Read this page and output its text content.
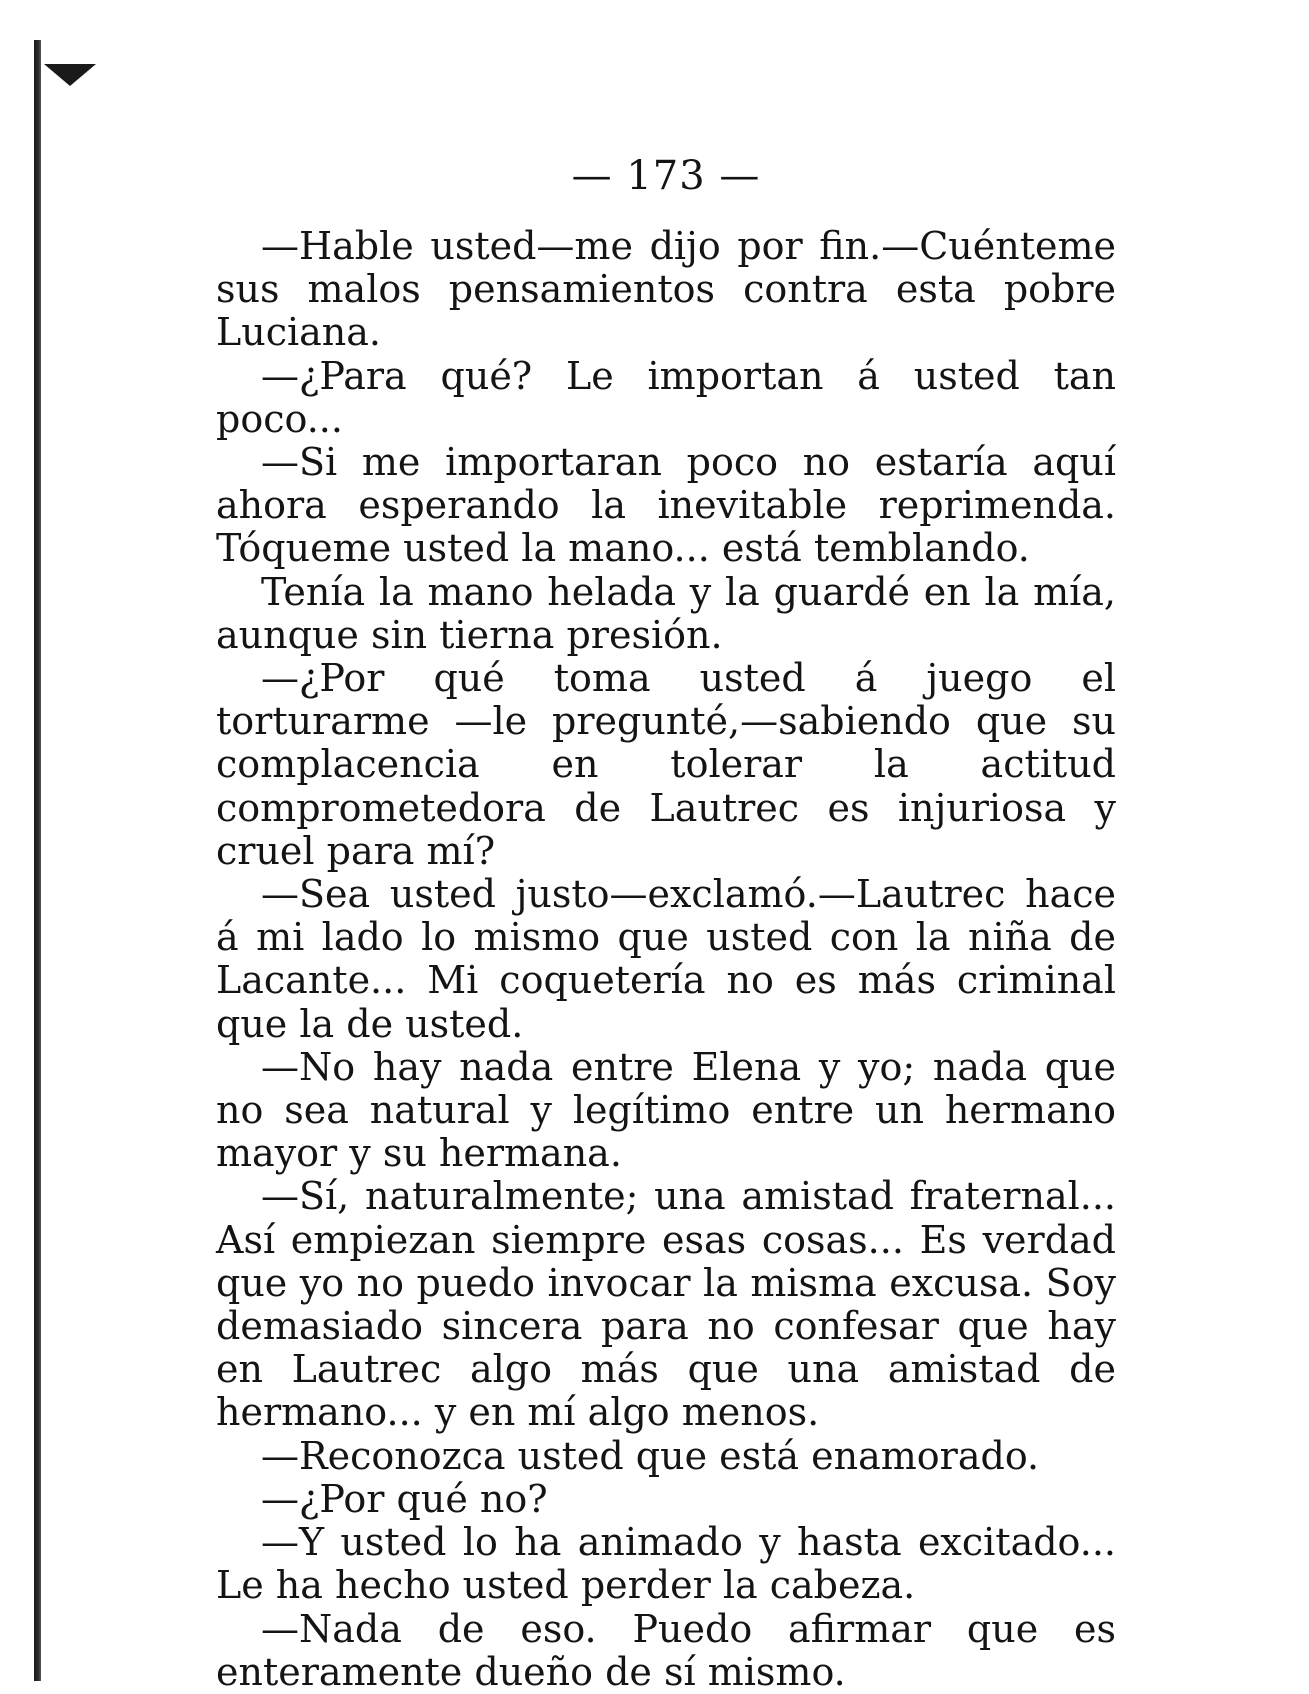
— 173 —

—Hable usted—me dijo por fin.—Cuénteme sus malos pensamientos contra esta pobre Luciana.

—¿Para qué? Le importan á usted tan poco...

—Si me importaran poco no estaría aquí ahora esperando la inevitable reprimenda. Tóqueme usted la mano... está temblando.

Tenía la mano helada y la guardé en la mía, aunque sin tierna presión.

—¿Por qué toma usted á juego el torturarme —le pregunté,—sabiendo que su complacencia en tolerar la actitud comprometedora de Lautrec es injuriosa y cruel para mí?

—Sea usted justo—exclamó.—Lautrec hace á mi lado lo mismo que usted con la niña de Lacante... Mi coquetería no es más criminal que la de usted.

—No hay nada entre Elena y yo; nada que no sea natural y legítimo entre un hermano mayor y su hermana.

—Sí, naturalmente; una amistad fraternal... Así empiezan siempre esas cosas... Es verdad que yo no puedo invocar la misma excusa. Soy demasiado sincera para no confesar que hay en Lautrec algo más que una amistad de hermano... y en mí algo menos.

—Reconozca usted que está enamorado.

—¿Por qué no?

—Y usted lo ha animado y hasta excitado... Le ha hecho usted perder la cabeza.

—Nada de eso. Puedo afirmar que es enteramente dueño de sí mismo.
